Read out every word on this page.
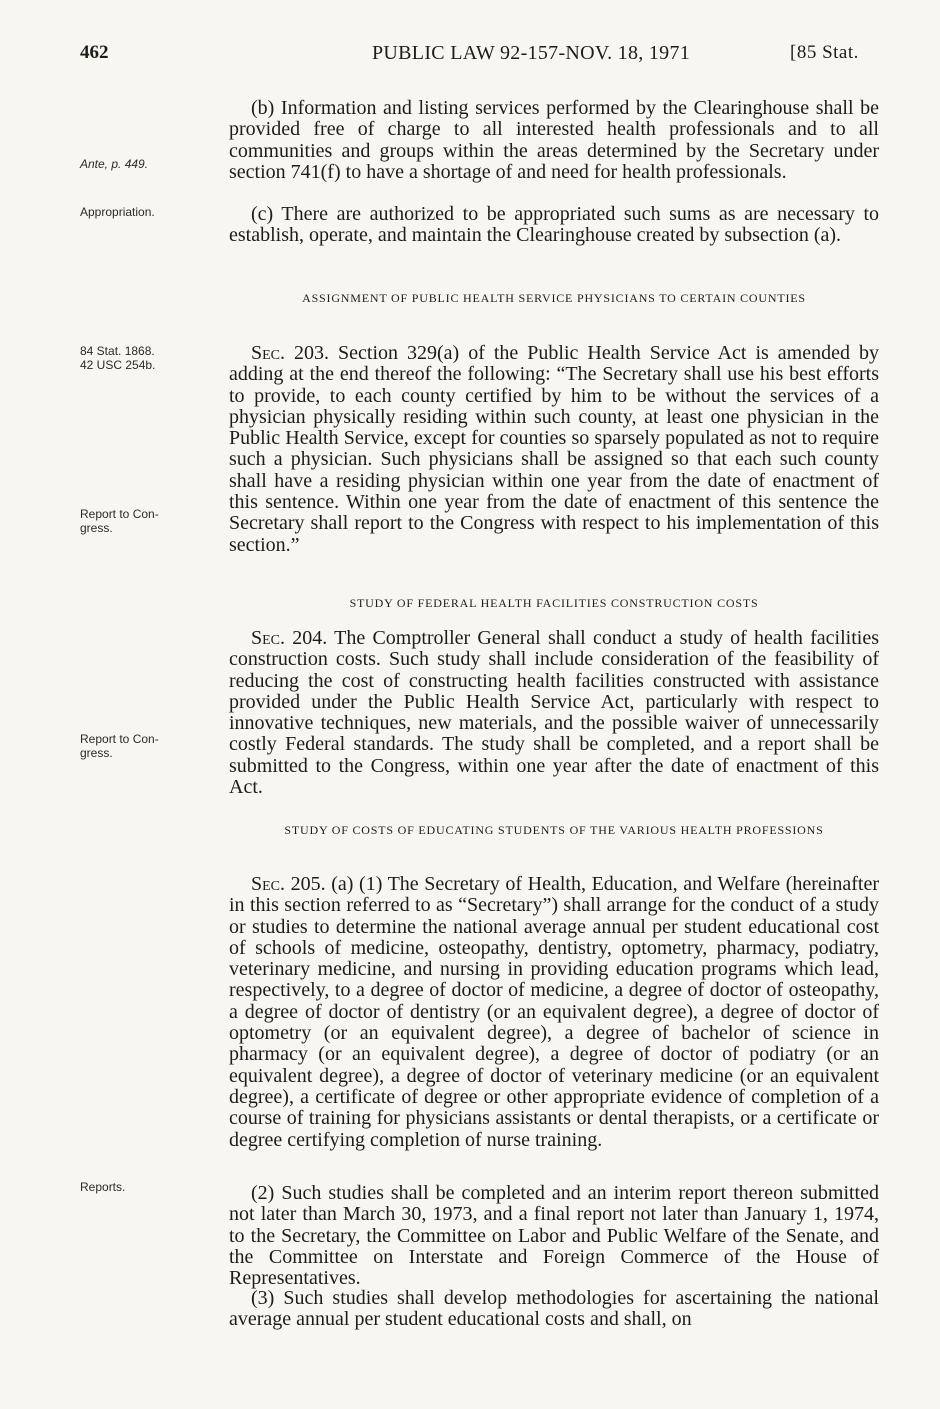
462	PUBLIC LAW 92-157-NOV. 18, 1971	[85 Stat.
Ante, p. 449.
Appropriation.
84 Stat. 1868.
42 USC 254b.
Report to Con-
gress.
Report to Con-
gress.
Reports.

(b) Information and listing services performed by the Clearinghouse shall be provided free of charge to all interested health professionals and to all communities and groups within the areas determined by the Secretary under section 741(f) to have a shortage of and need for health professionals.

(c) There are authorized to be appropriated such sums as are necessary to establish, operate, and maintain the Clearinghouse created by subsection (a).

ASSIGNMENT OF PUBLIC HEALTH SERVICE PHYSICIANS TO CERTAIN COUNTIES

Sec. 203. Section 329(a) of the Public Health Service Act is amended by adding at the end thereof the following: “The Secretary shall use his best efforts to provide, to each county certified by him to be without the services of a physician physically residing within such county, at least one physician in the Public Health Service, except for counties so sparsely populated as not to require such a physician. Such physicians shall be assigned so that each such county shall have a residing physician within one year from the date of enactment of this sentence. Within one year from the date of enactment of this sentence the Secretary shall report to the Congress with respect to his implementation of this section.”

STUDY OF FEDERAL HEALTH FACILITIES CONSTRUCTION COSTS

Sec. 204. The Comptroller General shall conduct a study of health facilities construction costs. Such study shall include consideration of the feasibility of reducing the cost of constructing health facilities constructed with assistance provided under the Public Health Service Act, particularly with respect to innovative techniques, new materials, and the possible waiver of unnecessarily costly Federal standards. The study shall be completed, and a report shall be submitted to the Congress, within one year after the date of enactment of this Act.

STUDY OF COSTS OF EDUCATING STUDENTS OF THE VARIOUS HEALTH PROFESSIONS

Sec. 205. (a) (1) The Secretary of Health, Education, and Welfare (hereinafter in this section referred to as “Secretary”) shall arrange for the conduct of a study or studies to determine the national average annual per student educational cost of schools of medicine, osteopathy, dentistry, optometry, pharmacy, podiatry, veterinary medicine, and nursing in providing education programs which lead, respectively, to a degree of doctor of medicine, a degree of doctor of osteopathy, a degree of doctor of dentistry (or an equivalent degree), a degree of doctor of optometry (or an equivalent degree), a degree of bachelor of science in pharmacy (or an equivalent degree), a degree of doctor of podiatry (or an equivalent degree), a degree of doctor of veterinary medicine (or an equivalent degree), a certificate of degree or other appropriate evidence of completion of a course of training for physicians assistants or dental therapists, or a certificate or degree certifying completion of nurse training.

(2) Such studies shall be completed and an interim report thereon submitted not later than March 30, 1973, and a final report not later than January 1, 1974, to the Secretary, the Committee on Labor and Public Welfare of the Senate, and the Committee on Interstate and Foreign Commerce of the House of Representatives.

(3) Such studies shall develop methodologies for ascertaining the national average annual per student educational costs and shall, on
